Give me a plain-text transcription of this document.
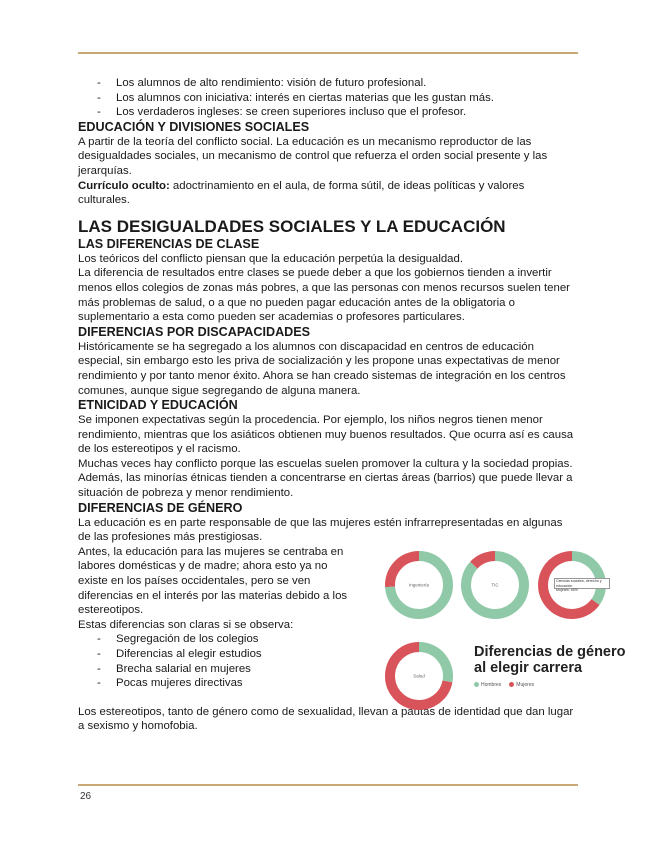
- Los alumnos de alto rendimiento: visión de futuro profesional.
- Los alumnos con iniciativa: interés en ciertas materias que les gustan más.
- Los verdaderos ingleses: se creen superiores incluso que el profesor.
EDUCACIÓN Y DIVISIONES SOCIALES

A partir de la teoría del conflicto social. La educación es un mecanismo reproductor de las desigualdades sociales, un mecanismo de control que refuerza el orden social presente y las jerarquías.

Currículo oculto: adoctrinamiento en el aula, de forma sútil, de ideas políticas y valores culturales.

LAS DESIGUALDADES SOCIALES Y LA EDUCACIÓN
LAS DIFERENCIAS DE CLASE

Los teóricos del conflicto piensan que la educación perpetúa la desigualdad.

La diferencia de resultados entre clases se puede deber a que los gobiernos tienden a invertir menos ellos colegios de zonas más pobres, a que las personas con menos recursos suelen tener más problemas de salud, o a que no pueden pagar educación antes de la obligatoria o suplementario a esta como pueden ser academias o profesores particulares.

DIFERENCIAS POR DISCAPACIDADES

Históricamente se ha segregado a los alumnos con discapacidad en centros de educación especial, sin embargo esto les priva de socialización y les propone unas expectativas de menor rendimiento y por tanto menor éxito. Ahora se han creado sistemas de integración en los centros comunes, aunque sigue segregando de alguna manera.

ETNICIDAD Y EDUCACIÓN

Se imponen expectativas según la procedencia. Por ejemplo, los niños negros tienen menor rendimiento, mientras que los asiáticos obtienen muy buenos resultados. Que ocurra así es causa de los estereotipos y el racismo.

Muchas veces hay conflicto porque las escuelas suelen promover la cultura y la sociedad propias. Además, las minorías étnicas tienden a concentrarse en ciertas áreas (barrios) que puede llevar a situación de pobreza y menor rendimiento.

DIFERENCIAS DE GÉNERO

La educación es en parte responsable de que las mujeres estén infrarrepresentadas en algunas de las profesiones más prestigiosas.

Antes, la educación para las mujeres se centraba en labores domésticas y de madre; ahora esto ya no existe en los países occidentales, pero se ven diferencias en el interés por las materias debido a los estereotipos.

Estas diferencias son claras si se observa:

- Segregación de los colegios
- Diferencias al elegir estudios
- Brecha salarial en mujeres
- Pocas mujeres directivas

Los estereotipos, tanto de género como de sexualidad, llevan a pautas de identidad que dan lugar a sexismo y homofobia.

Ingeniería	TIC
Salud
Ciencias sociales, derecho y educación
Mujeres: 65%
Diferencias de género
al elegir carrera
Hombres	Mujeres
26
